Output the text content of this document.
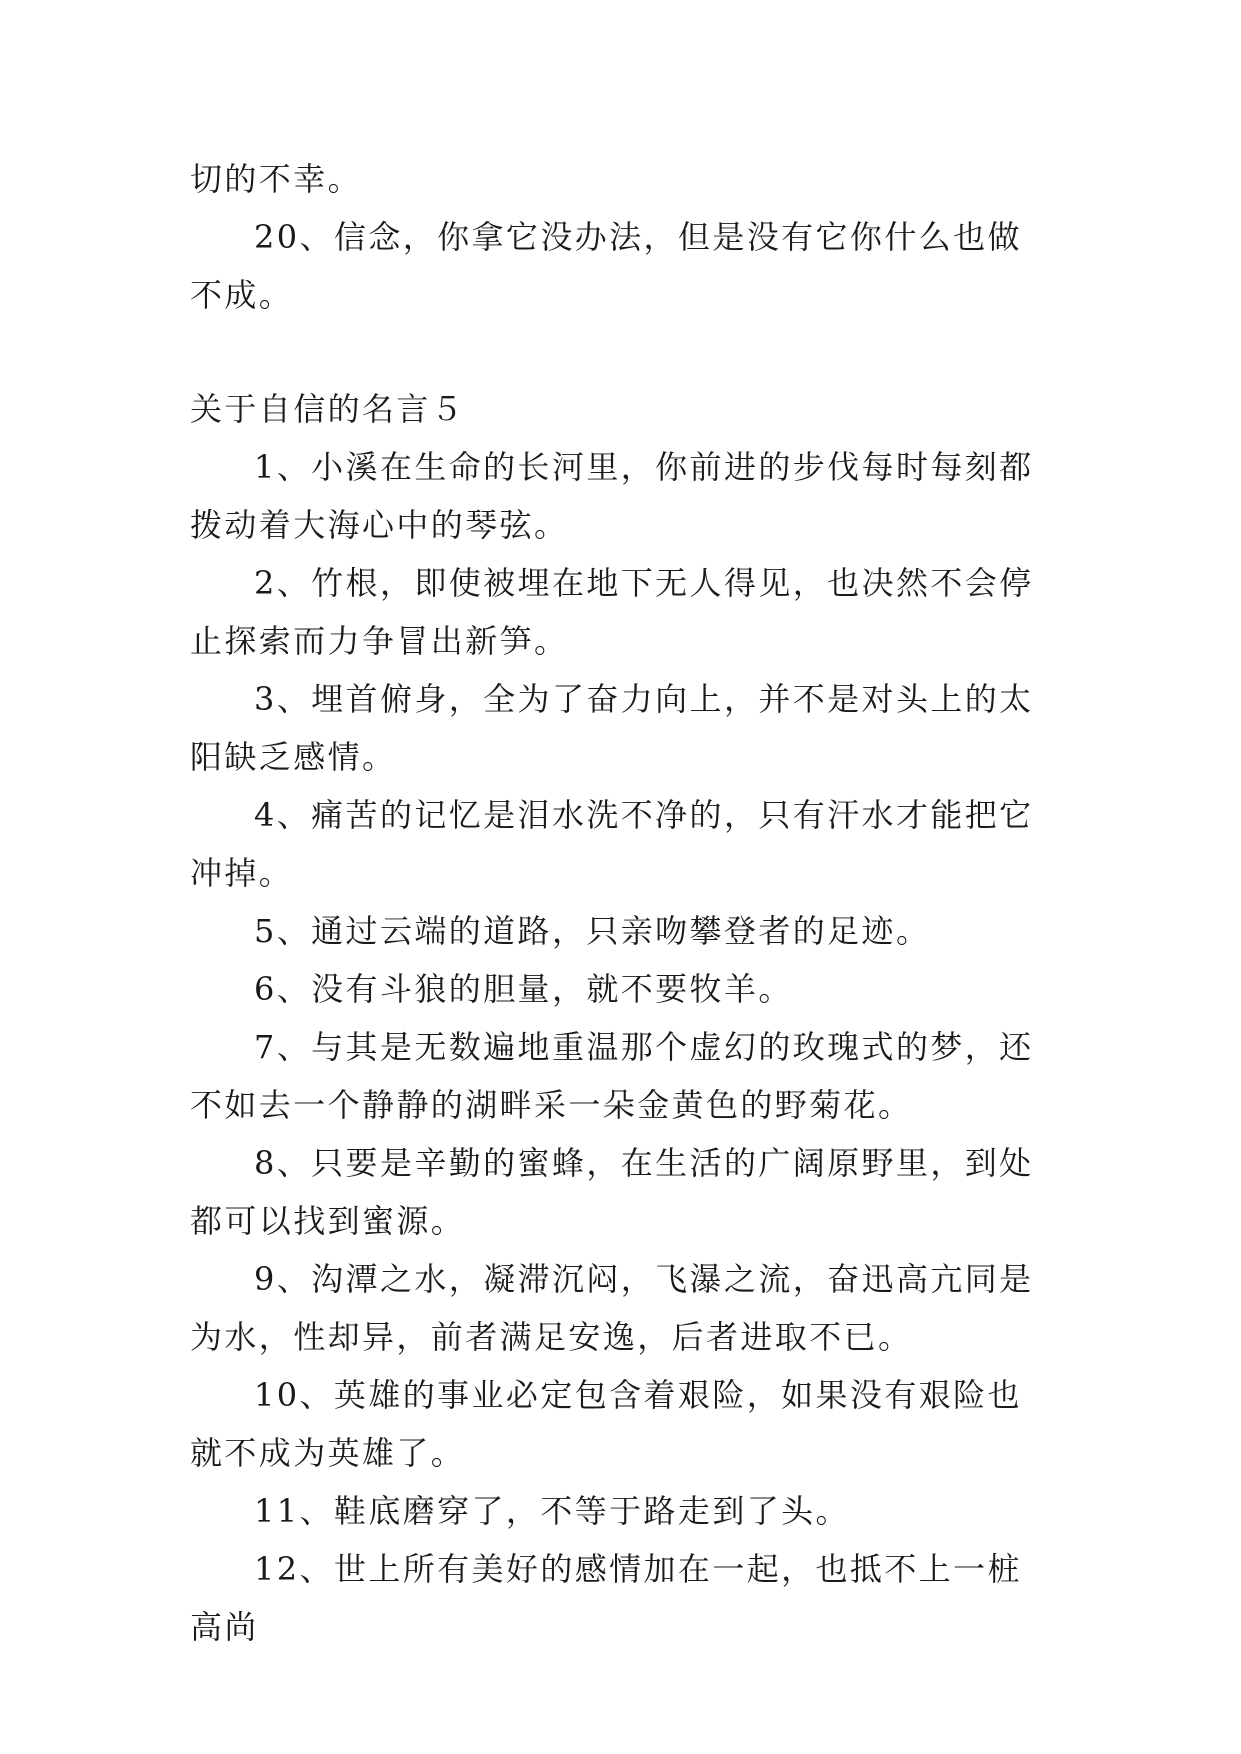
切的不幸。

20、信念，你拿它没办法，但是没有它你什么也做不成。

关于自信的名言５

1、小溪在生命的长河里，你前进的步伐每时每刻都拨动着大海心中的琴弦。

2、竹根，即使被埋在地下无人得见，也决然不会停止探索而力争冒出新笋。

3、埋首俯身，全为了奋力向上，并不是对头上的太阳缺乏感情。

4、痛苦的记忆是泪水洗不净的，只有汗水才能把它冲掉。

5、通过云端的道路，只亲吻攀登者的足迹。

6、没有斗狼的胆量，就不要牧羊。

7、与其是无数遍地重温那个虚幻的玫瑰式的梦，还不如去一个静静的湖畔采一朵金黄色的野菊花。

8、只要是辛勤的蜜蜂，在生活的广阔原野里，到处都可以找到蜜源。

9、沟潭之水，凝滞沉闷，飞瀑之流，奋迅高亢同是为水，性却异，前者满足安逸，后者进取不已。

10、英雄的事业必定包含着艰险，如果没有艰险也就不成为英雄了。

11、鞋底磨穿了，不等于路走到了头。

12、世上所有美好的感情加在一起，也抵不上一桩高尚
